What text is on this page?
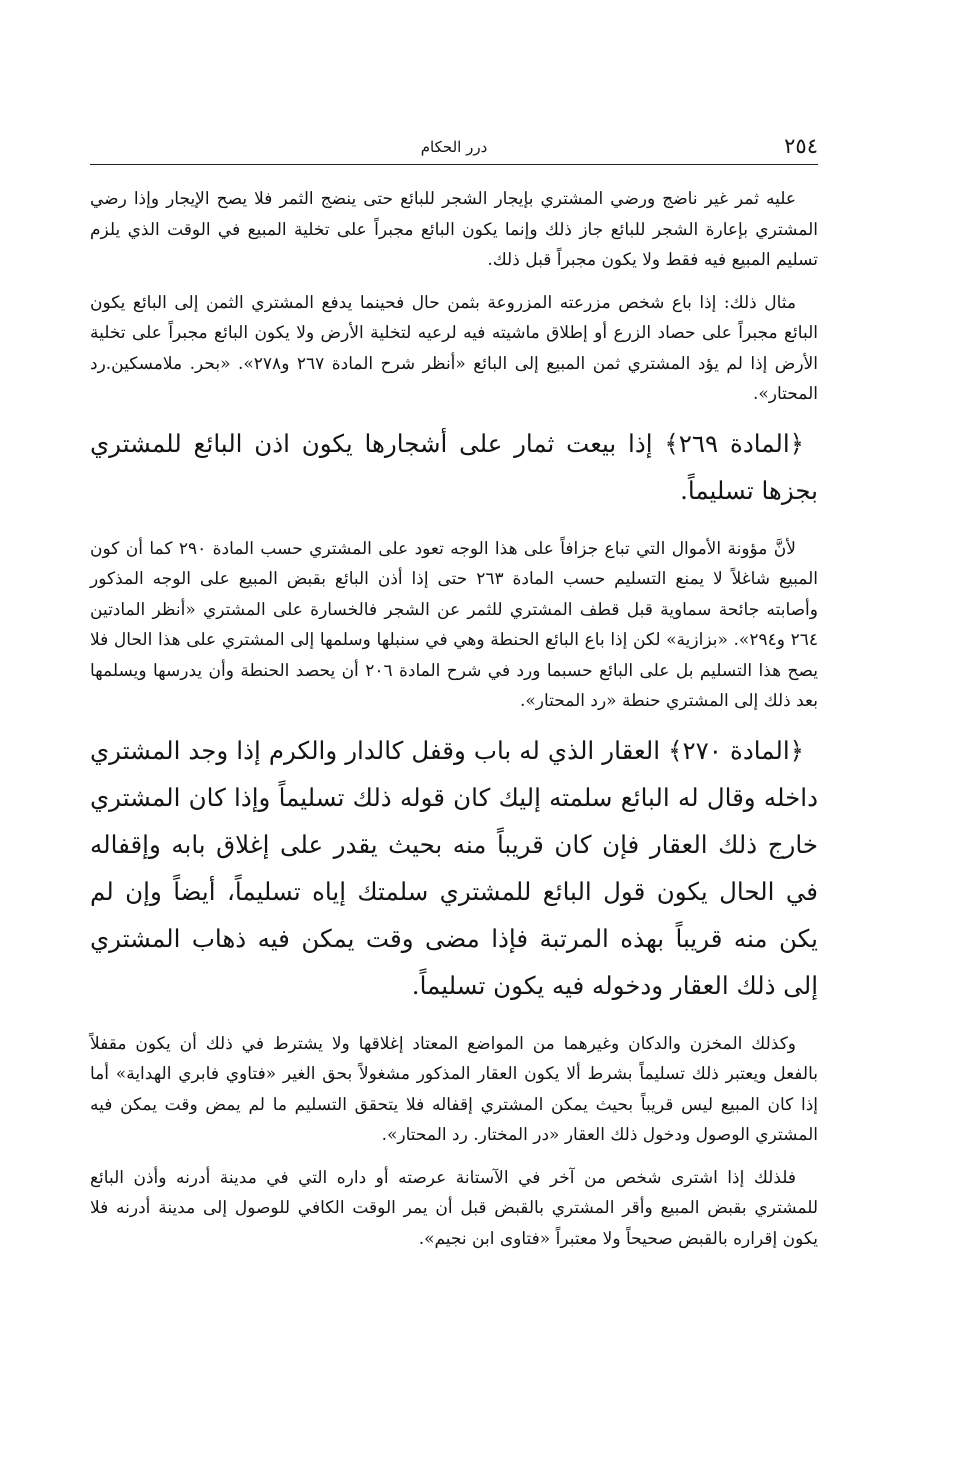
٢٥٤
درر الحكام

عليه ثمر غير ناضج ورضي المشتري بإيجار الشجر للبائع حتى ينضج الثمر فلا يصح الإيجار وإذا رضي المشتري بإعارة الشجر للبائع جاز ذلك وإنما يكون البائع مجبراً على تخلية المبيع في الوقت الذي يلزم تسليم المبيع فيه فقط ولا يكون مجبراً قبل ذلك.

مثال ذلك: إذا باع شخص مزرعته المزروعة بثمن حال فحينما يدفع المشتري الثمن إلى البائع يكون البائع مجبراً على حصاد الزرع أو إطلاق ماشيته فيه لرعيه لتخلية الأرض ولا يكون البائع مجبراً على تخلية الأرض إذا لم يؤد المشتري ثمن المبيع إلى البائع «أنظر شرح المادة ٢٦٧ و٢٧٨». «بحر. ملامسكين.رد المحتار».

﴿المادة ٢٦٩﴾ إذا بيعت ثمار على أشجارها يكون اذن البائع للمشتري بجزها تسليماً.

لأنَّ مؤونة الأموال التي تباع جزافاً على هذا الوجه تعود على المشتري حسب المادة ٢٩٠ كما أن كون المبيع شاغلاً لا يمنع التسليم حسب المادة ٢٦٣ حتى إذا أذن البائع بقبض المبيع على الوجه المذكور وأصابته جائحة سماوية قبل قطف المشتري للثمر عن الشجر فالخسارة على المشتري «أنظر المادتين ٢٦٤ و٢٩٤». «بزازية» لكن إذا باع البائع الحنطة وهي في سنبلها وسلمها إلى المشتري على هذا الحال فلا يصح هذا التسليم بل على البائع حسبما ورد في شرح المادة ٢٠٦ أن يحصد الحنطة وأن يدرسها ويسلمها بعد ذلك إلى المشتري حنطة «رد المحتار».

﴿المادة ٢٧٠﴾ العقار الذي له باب وقفل كالدار والكرم إذا وجد المشتري داخله وقال له البائع سلمته إليك كان قوله ذلك تسليماً وإذا كان المشتري خارج ذلك العقار فإن كان قريباً منه بحيث يقدر على إغلاق بابه وإقفاله في الحال يكون قول البائع للمشتري سلمتك إياه تسليماً، أيضاً وإن لم يكن منه قريباً بهذه المرتبة فإذا مضى وقت يمكن فيه ذهاب المشتري إلى ذلك العقار ودخوله فيه يكون تسليماً.

وكذلك المخزن والدكان وغيرهما من المواضع المعتاد إغلاقها ولا يشترط في ذلك أن يكون مقفلاً بالفعل ويعتبر ذلك تسليماً بشرط ألا يكون العقار المذكور مشغولاً بحق الغير «فتاوي فابري الهداية» أما إذا كان المبيع ليس قريباً بحيث يمكن المشتري إقفاله فلا يتحقق التسليم ما لم يمض وقت يمكن فيه المشتري الوصول ودخول ذلك العقار «در المختار. رد المحتار».

فلذلك إذا اشترى شخص من آخر في الآستانة عرصته أو داره التي في مدينة أدرنه وأذن البائع للمشتري بقبض المبيع وأقر المشتري بالقبض قبل أن يمر الوقت الكافي للوصول إلى مدينة أدرنه فلا يكون إقراره بالقبض صحيحاً ولا معتبراً «فتاوى ابن نجيم».
